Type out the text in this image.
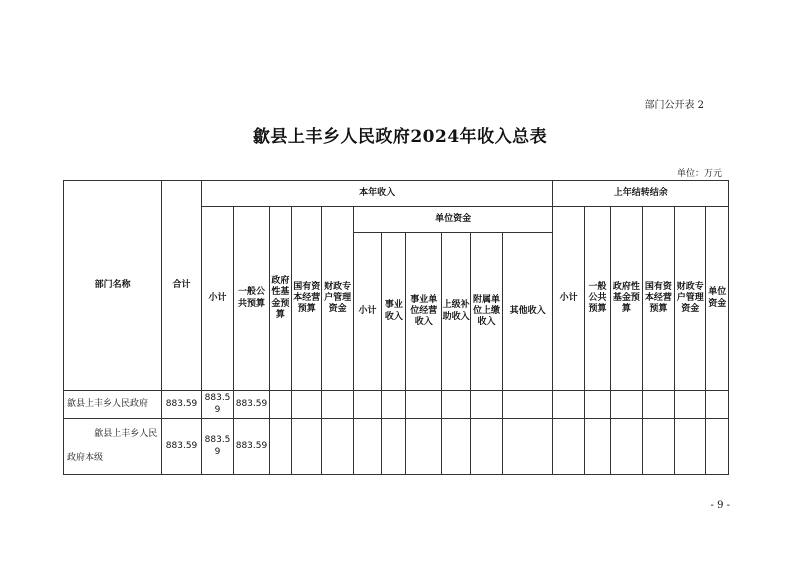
部门公开表 2
歙县上丰乡人民政府2024年收入总表
单位：万元
部门名称	合计	本年收入											上年结转结余					
		小计	一般公共预算	政府性基金预算	国有资本经营预算	财政专户管理资金	单位资金						小计	一般公共预算	政府性基金预算	国有资本经营预算	财政专户管理资金	单位资金
							小计	事业收入	事业单位经营收入	上级补助收入	附属单位上缴收入	其他收入						
歙县上丰乡人民政府	883.59	883.59	883.59															
歙县上丰乡人民
政府本级	883.59	883.59	883.59															
- 9 -
